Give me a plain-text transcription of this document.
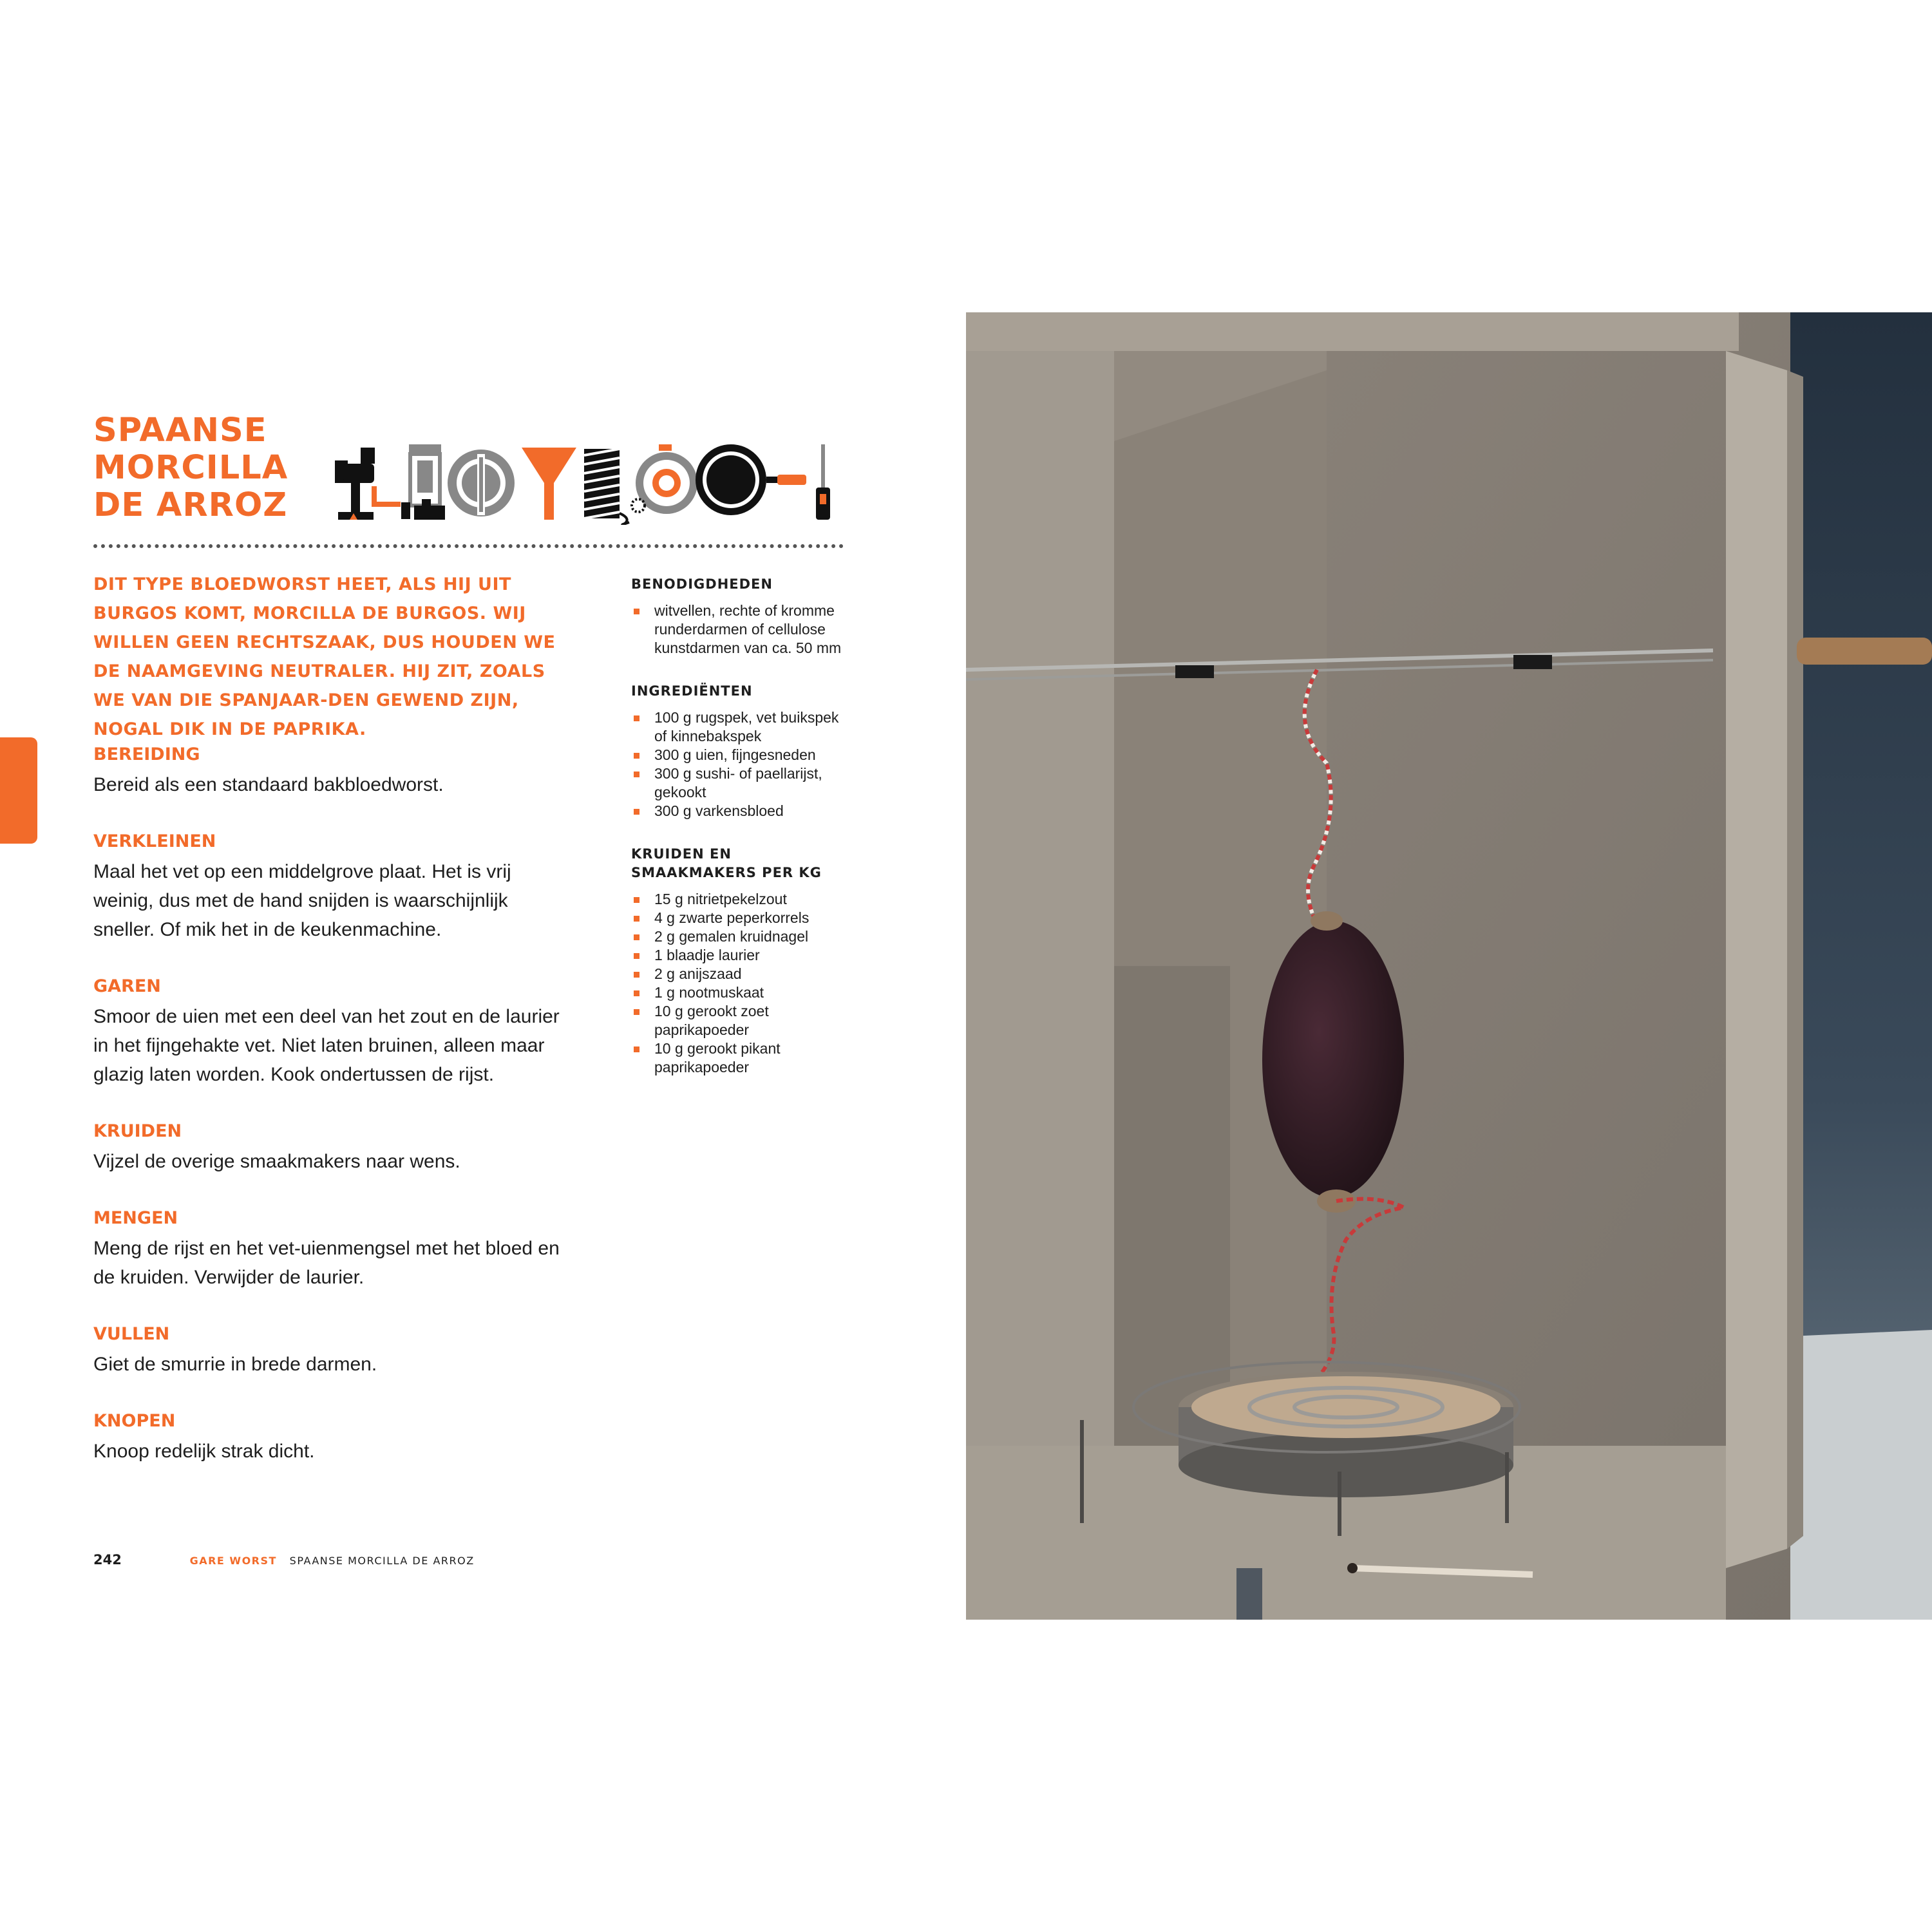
SPAANSE
MORCILLA
DE ARROZ

DIT TYPE BLOEDWORST HEET, ALS HIJ UIT BURGOS KOMT, MORCILLA DE BURGOS. WIJ WILLEN GEEN RECHTSZAAK, DUS HOUDEN WE DE NAAMGEVING NEUTRALER. HIJ ZIT, ZOALS WE VAN DIE SPANJAAR-DEN GEWEND ZIJN, NOGAL DIK IN DE PAPRIKA.

BEREIDING

Bereid als een standaard bakbloedworst.

VERKLEINEN

Maal het vet op een middelgrove plaat. Het is vrij weinig, dus met de hand snijden is waarschijnlijk sneller. Of mik het in de keukenmachine.

GAREN

Smoor de uien met een deel van het zout en de laurier in het fijngehakte vet. Niet laten bruinen, alleen maar glazig laten worden. Kook ondertussen de rijst.

KRUIDEN

Vijzel de overige smaakmakers naar wens.

MENGEN

Meng de rijst en het vet-uienmengsel met het bloed en de kruiden. Verwijder de laurier.

VULLEN

Giet de smurrie in brede darmen.

KNOPEN

Knoop redelijk strak dicht.

BENODIGDHEDEN
witvellen, rechte of kromme runderdarmen of cellulose kunstdarmen van ca. 50 mm
INGREDIËNTEN
100 g rugspek, vet buikspek of kinnebakspek
300 g uien, fijngesneden
300 g sushi- of paellarijst, gekookt
300 g varkensbloed
KRUIDEN EN SMAAKMAKERS PER KG
15 g nitrietpekelzout
4 g zwarte peperkorrels
2 g gemalen kruidnagel
1 blaadje laurier
2 g anijszaad
1 g nootmuskaat
10 g gerookt zoet paprikapoeder
10 g gerookt pikant paprikapoeder
242	GARE WORST SPAANSE MORCILLA DE ARROZ
